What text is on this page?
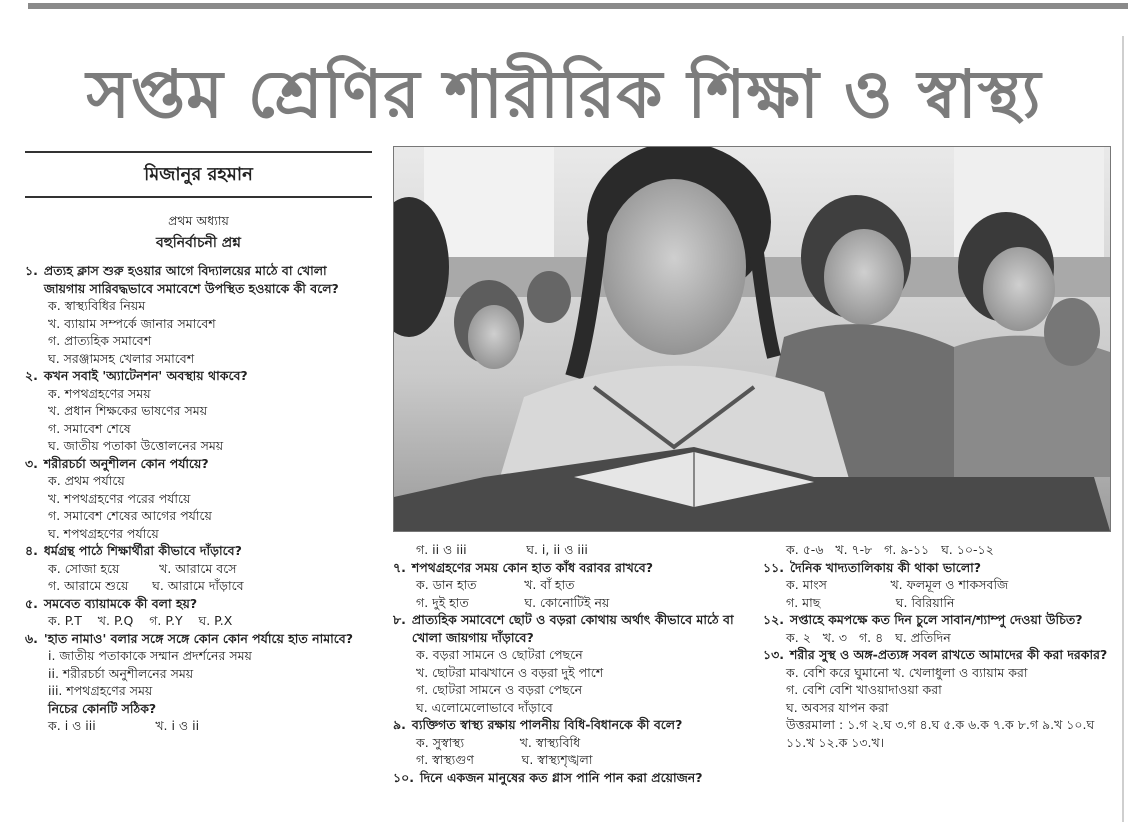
সপ্তম শ্রেণির শারীরিক শিক্ষা ও স্বাস্থ্য
মিজানুর রহমান
প্রথম অধ্যায়
বহুনির্বাচনী প্রশ্ন
১. প্রত্যহ ক্লাস শুরু হওয়ার আগে বিদ্যালয়ের মাঠে বা খোলা জায়গায় সারিবদ্ধভাবে সমাবেশে উপস্থিত হওয়াকে কী বলে?
ক. স্বাস্থ্যবিধির নিয়ম
খ. ব্যায়াম সম্পর্কে জানার সমাবেশ
গ. প্রাত্যহিক সমাবেশ
ঘ. সরঞ্জামসহ খেলার সমাবেশ
২. কখন সবাই 'অ্যাটেনশন' অবস্থায় থাকবে?
ক. শপথগ্রহণের সময়
খ. প্রধান শিক্ষকের ভাষণের সময়
গ. সমাবেশ শেষে
ঘ. জাতীয় পতাকা উত্তোলনের সময়
৩. শরীরচর্চা অনুশীলন কোন পর্যায়ে?
ক. প্রথম পর্যায়ে
খ. শপথগ্রহণের পরের পর্যায়ে
গ. সমাবেশ শেষের আগের পর্যায়ে
ঘ. শপথগ্রহণের পর্যায়ে
৪. ধর্মগ্রন্থ পাঠে শিক্ষার্থীরা কীভাবে দাঁড়াবে?
ক. সোজা হয়ে          খ. আরামে বসে
গ. আরামে শুয়ে      ঘ. আরামে দাঁড়াবে
৫. সমবেত ব্যায়ামকে কী বলা হয়?
ক. P.T    খ. P.Q    গ. P.Y    ঘ. P.X
৬. 'হাত নামাও' বলার সঙ্গে সঙ্গে কোন কোন পর্যায়ে হাত নামাবে?
i. জাতীয় পতাকাকে সম্মান প্রদর্শনের সময়
ii. শরীরচর্চা অনুশীলনের সময়
iii. শপথগ্রহণের সময়
নিচের কোনটি সঠিক?
ক. i ও iii               খ. i ও ii
গ. ii ও iii               ঘ. i, ii ও iii
৭. শপথগ্রহণের সময় কোন হাত কাঁধ বরাবর রাখবে?
ক. ডান হাত            খ. বাঁ হাত
গ. দুই হাত              ঘ. কোনোটিই নয়
৮. প্রাত্যহিক সমাবেশে ছোট ও বড়রা কোথায় অর্থাৎ কীভাবে মাঠে বা খোলা জায়গায় দাঁড়াবে?
ক. বড়রা সামনে ও ছোটরা পেছনে
খ. ছোটরা মাঝখানে ও বড়রা দুই পাশে
গ. ছোটরা সামনে ও বড়রা পেছনে
ঘ. এলোমেলোভাবে দাঁড়াবে
৯. ব্যক্তিগত স্বাস্থ্য রক্ষায় পালনীয় বিধি-বিধানকে কী বলে?
ক. সুস্বাস্থ্য              খ. স্বাস্থ্যবিধি
গ. স্বাস্থ্যগুণ            ঘ. স্বাস্থ্যশৃঙ্খলা
১০. দিনে একজন মানুষের কত গ্লাস পানি পান করা প্রয়োজন?
ক. ৫-৬   খ. ৭-৮   গ. ৯-১১   ঘ. ১০-১২
১১. দৈনিক খাদ্যতালিকায় কী থাকা ভালো?
ক. মাংস                খ. ফলমূল ও শাকসবজি
গ. মাছ                   ঘ. বিরিয়ানি
১২. সপ্তাহে কমপক্ষে কত দিন চুলে সাবান/শ্যাম্পু দেওয়া উচিত?
ক. ২   খ. ৩   গ. ৪   ঘ. প্রতিদিন
১৩. শরীর সুস্থ ও অঙ্গ-প্রত্যঙ্গ সবল রাখতে আমাদের কী করা দরকার?
ক. বেশি করে ঘুমানো খ. খেলাধুলা ও ব্যায়াম করা
গ. বেশি বেশি খাওয়াদাওয়া করা
ঘ. অবসর যাপন করা
উত্তরমালা : ১.গ ২.ঘ ৩.গ ৪.ঘ ৫.ক ৬.ক ৭.ক ৮.গ ৯.খ ১০.ঘ ১১.খ ১২.ক ১৩.খ।
